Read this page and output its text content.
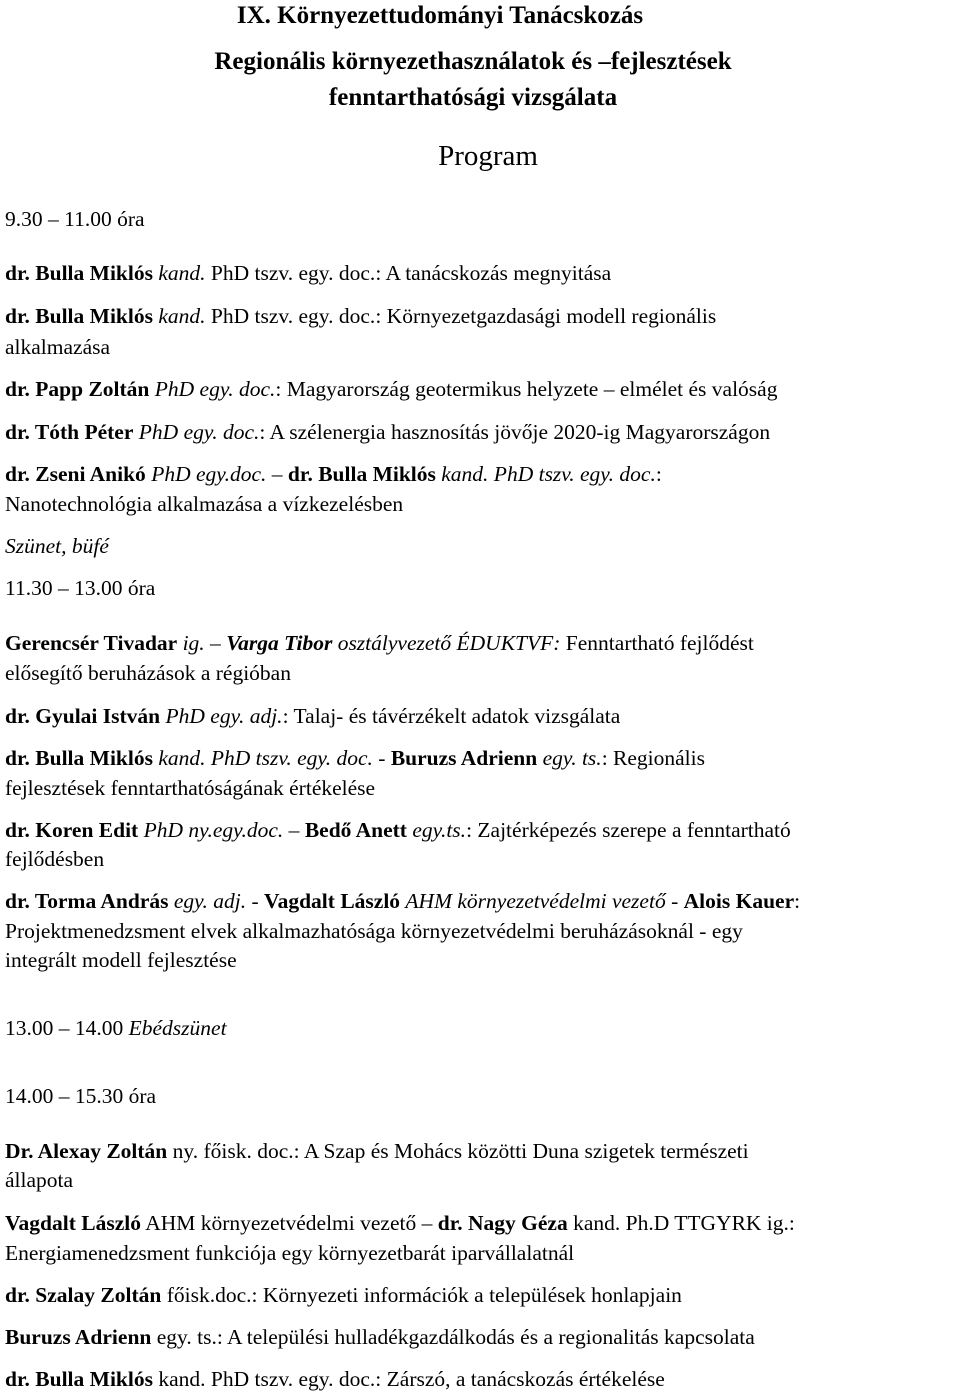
IX. Környezettudományi Tanácskozás
Regionális környezethasználatok és –fejlesztések
fenntarthatósági vizsgálata
Program
9.30 – 11.00 óra
dr. Bulla Miklós kand. PhD tszv. egy. doc.: A tanácskozás megnyitása
dr. Bulla Miklós kand. PhD tszv. egy. doc.: Környezetgazdasági modell regionális
alkalmazása
dr. Papp Zoltán PhD egy. doc.: Magyarország geotermikus helyzete – elmélet és valóság
dr. Tóth Péter PhD egy. doc.: A szélenergia hasznosítás jövője 2020-ig Magyarországon
dr. Zseni Anikó PhD egy.doc. – dr. Bulla Miklós kand. PhD tszv. egy. doc.:
Nanotechnológia alkalmazása a vízkezelésben
Szünet, büfé
11.30 – 13.00 óra
Gerencsér Tivadar ig. – Varga Tibor osztályvezető ÉDUKTVF: Fenntartható fejlődést
elősegítő beruházások a régióban
dr. Gyulai István PhD egy. adj.: Talaj- és távérzékelt adatok vizsgálata
dr. Bulla Miklós kand. PhD tszv. egy. doc. - Buruzs Adrienn egy. ts.: Regionális
fejlesztések fenntarthatóságának értékelése
dr. Koren Edit PhD ny.egy.doc. – Bedő Anett egy.ts.: Zajtérképezés szerepe a fenntartható
fejlődésben
dr. Torma András egy. adj. - Vagdalt László AHM környezetvédelmi vezető - Alois Kauer:
Projektmenedzsment elvek alkalmazhatósága környezetvédelmi beruházásoknál - egy
integrált modell fejlesztése
13.00 – 14.00 Ebédszünet
14.00 – 15.30 óra
Dr. Alexay Zoltán ny. főisk. doc.: A Szap és Mohács közötti Duna szigetek természeti
állapota
Vagdalt László AHM környezetvédelmi vezető – dr. Nagy Géza kand. Ph.D TTGYRK ig.:
Energiamenedzsment funkciója egy környezetbarát iparvállalatnál
dr. Szalay Zoltán főisk.doc.: Környezeti információk a települések honlapjain
Buruzs Adrienn egy. ts.: A települési hulladékgazdálkodás és a regionalitás kapcsolata
dr. Bulla Miklós kand. PhD tszv. egy. doc.: Zárszó, a tanácskozás értékelése
